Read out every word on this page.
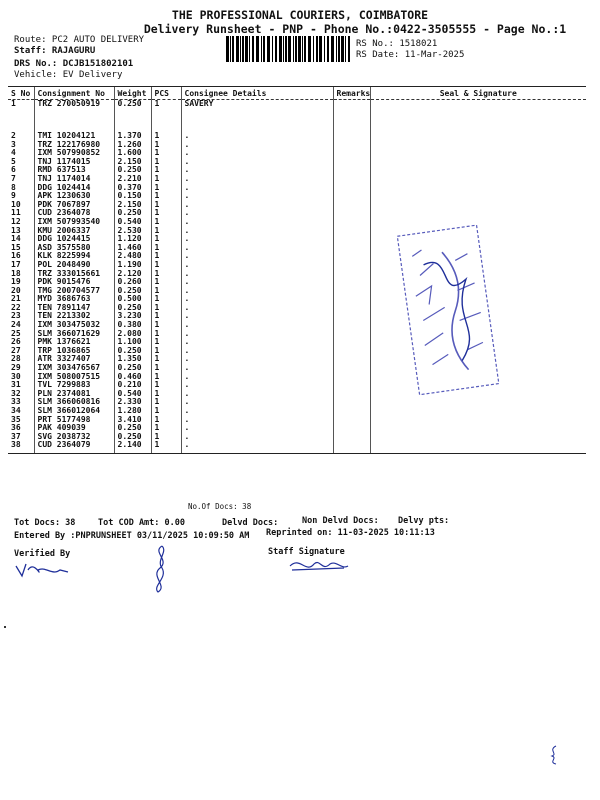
THE PROFESSIONAL COURIERS, COIMBATORE
Delivery Runsheet - PNP - Phone No.:0422-3505555 - Page No.:1
Route: PC2 AUTO DELIVERY
Staff: RAJAGURU
DRS No.: DCJB151802101
Vehicle: EV Delivery
RS No.: 1518021
RS Date: 11-Mar-2025
S No	Consignment No	Weight	PCS	Consignee Details	Remarks	Seal & Signature
1	TRZ 270050919	0.250	1	SAVERY		

2	TMI 10204121	1.370	1	.		
3	TRZ 122176980	1.260	1	.		
4	IXM 507990852	1.600	1	.		
5	TNJ 1174015	2.150	1	.		
6	RMD 637513	0.250	1	.		
7	TNJ 1174014	2.210	1	.		
8	DDG 1024414	0.370	1	.		
9	APK 1230630	0.150	1	.		
10	PDK 7067897	2.150	1	.		
11	CUD 2364078	0.250	1	.		
12	IXM 507993540	0.540	1	.		
13	KMU 2006337	2.530	1	.		
14	DDG 1024415	1.120	1	.		
15	ASD 3575580	1.460	1	.		
16	KLK 8225994	2.480	1	.		
17	POL 2048490	1.190	1	.		
18	TRZ 333015661	2.120	1	.		
19	PDK 9015476	0.260	1	.		
20	TMG 200704577	0.250	1	.		
21	MYD 3686763	0.500	1	.		
22	TEN 7891147	0.250	1	.		
23	TEN 2213302	3.230	1	.		
24	IXM 303475032	0.380	1	.		
25	SLM 366071629	2.080	1	.		
26	PMK 1376621	1.100	1	.		
27	TRP 1036865	0.250	1	.		
28	ATR 3327407	1.350	1	.		
29	IXM 303476567	0.250	1	.		
30	IXM 508007515	0.460	1	.		
31	TVL 7299883	0.210	1	.		
32	PLN 2374081	0.540	1	.		
33	SLM 366060816	2.330	1	.		
34	SLM 366012064	1.280	1	.		
35	PRT 5177498	3.410	1	.		
36	PAK 409039	0.250	1	.		
37	SVG 2038732	0.250	1	.		
38	CUD 2364079	2.140	1	.		
No.Of Docs: 38
Tot Docs: 38	Tot COD Amt: 0.00	Delvd Docs:	Non Delvd Docs: Delvy pts:
Entered By :PNPRUNSHEET 03/11/2025 10:09:50 AM Reprinted on: 11-03-2025 10:11:13
Verified By	Staff Signature
